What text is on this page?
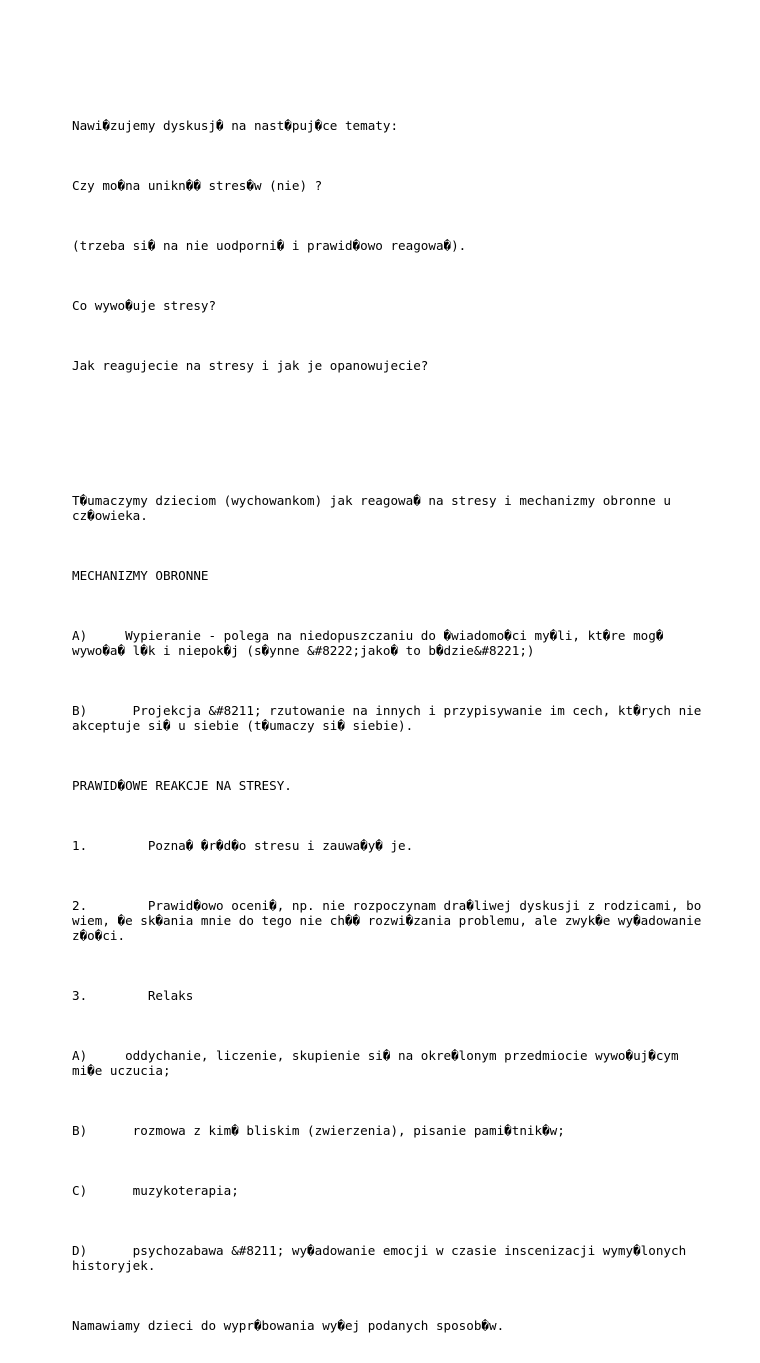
Nawi�zujemy dyskusj� na nast�puj�ce tematy:

Czy mo�na unikn�� stres�w (nie) ?

(trzeba si� na nie uodporni� i prawid�owo reagowa�).

Co wywo�uje stresy?

Jak reagujecie na stresy i jak je opanowujecie?

T�umaczymy dzieciom (wychowankom) jak reagowa� na stresy i mechanizmy obronne u cz�owieka.

MECHANIZMY OBRONNE

A)     Wypieranie - polega na niedopuszczaniu do �wiadomo�ci my�li, kt�re mog� wywo�a� l�k i niepok�j (s�ynne &#8222;jako� to b�dzie&#8221;)

B)      Projekcja &#8211; rzutowanie na innych i przypisywanie im cech, kt�rych nie akceptuje si� u siebie (t�umaczy si� siebie).

PRAWID�OWE REAKCJE NA STRESY.

1.        Pozna� �r�d�o stresu i zauwa�y� je.

2.        Prawid�owo oceni�, np. nie rozpoczynam dra�liwej dyskusji z rodzicami, bo wiem, �e sk�ania mnie do tego nie ch�� rozwi�zania problemu, ale zwyk�e wy�adowanie z�o�ci.

3.        Relaks

A)     oddychanie, liczenie, skupienie si� na okre�lonym przedmiocie wywo�uj�cym mi�e uczucia;

B)      rozmowa z kim� bliskim (zwierzenia), pisanie pami�tnik�w;

C)      muzykoterapia;

D)      psychozabawa &#8211; wy�adowanie emocji w czasie inscenizacji wymy�lonych historyjek.

Namawiamy dzieci do wypr�bowania wy�ej podanych sposob�w.
